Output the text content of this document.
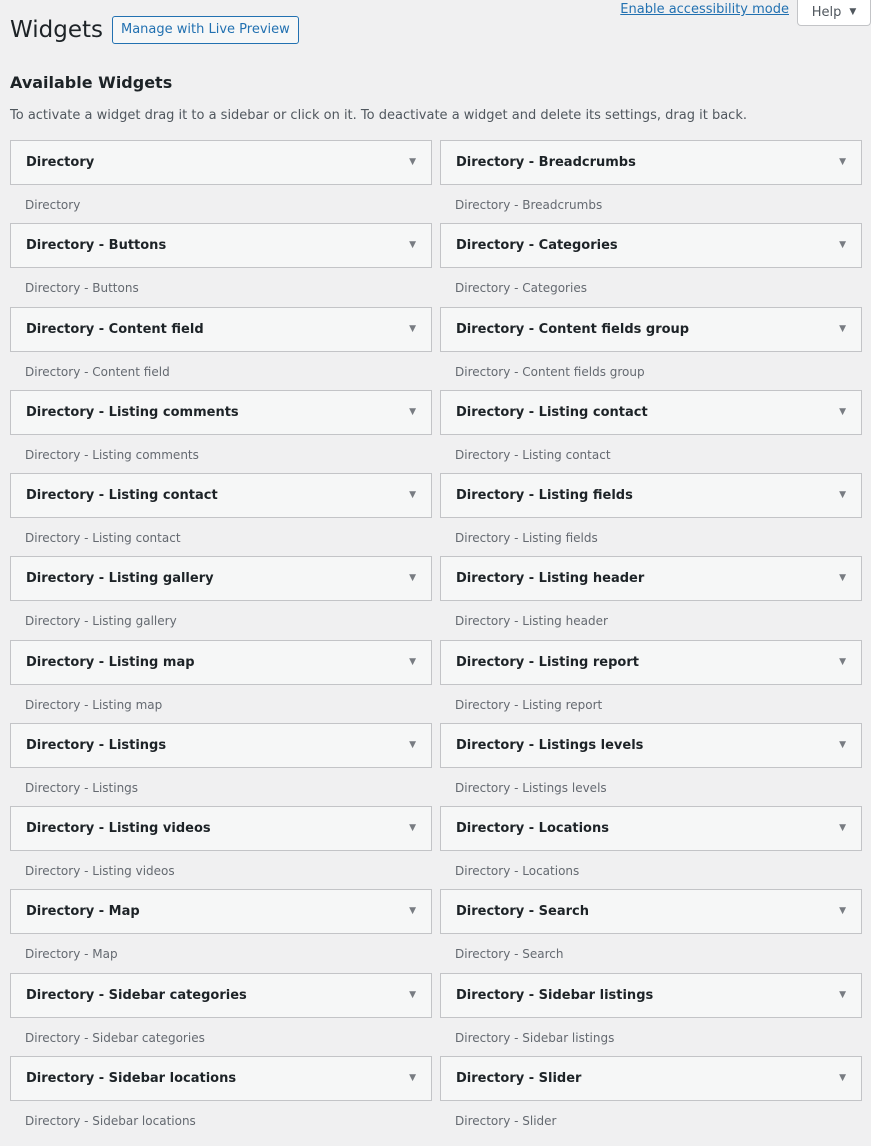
Enable accessibility mode Help ▼
Widgets	Manage with Live Preview
Available Widgets

To activate a widget drag it to a sidebar or click on it. To deactivate a widget and delete its settings, drag it back.

Directory	▼
Directory
Directory - Breadcrumbs	▼
Directory - Breadcrumbs
Directory - Buttons	▼
Directory - Buttons
Directory - Categories	▼
Directory - Categories
Directory - Content field	▼
Directory - Content field
Directory - Content fields group	▼
Directory - Content fields group
Directory - Listing comments	▼
Directory - Listing comments
Directory - Listing contact	▼
Directory - Listing contact
Directory - Listing contact	▼
Directory - Listing contact
Directory - Listing fields	▼
Directory - Listing fields
Directory - Listing gallery	▼
Directory - Listing gallery
Directory - Listing header	▼
Directory - Listing header
Directory - Listing map	▼
Directory - Listing map
Directory - Listing report	▼
Directory - Listing report
Directory - Listings	▼
Directory - Listings
Directory - Listings levels	▼
Directory - Listings levels
Directory - Listing videos	▼
Directory - Listing videos
Directory - Locations	▼
Directory - Locations
Directory - Map	▼
Directory - Map
Directory - Search	▼
Directory - Search
Directory - Sidebar categories	▼
Directory - Sidebar categories
Directory - Sidebar listings	▼
Directory - Sidebar listings
Directory - Sidebar locations	▼
Directory - Sidebar locations
Directory - Slider	▼
Directory - Slider
